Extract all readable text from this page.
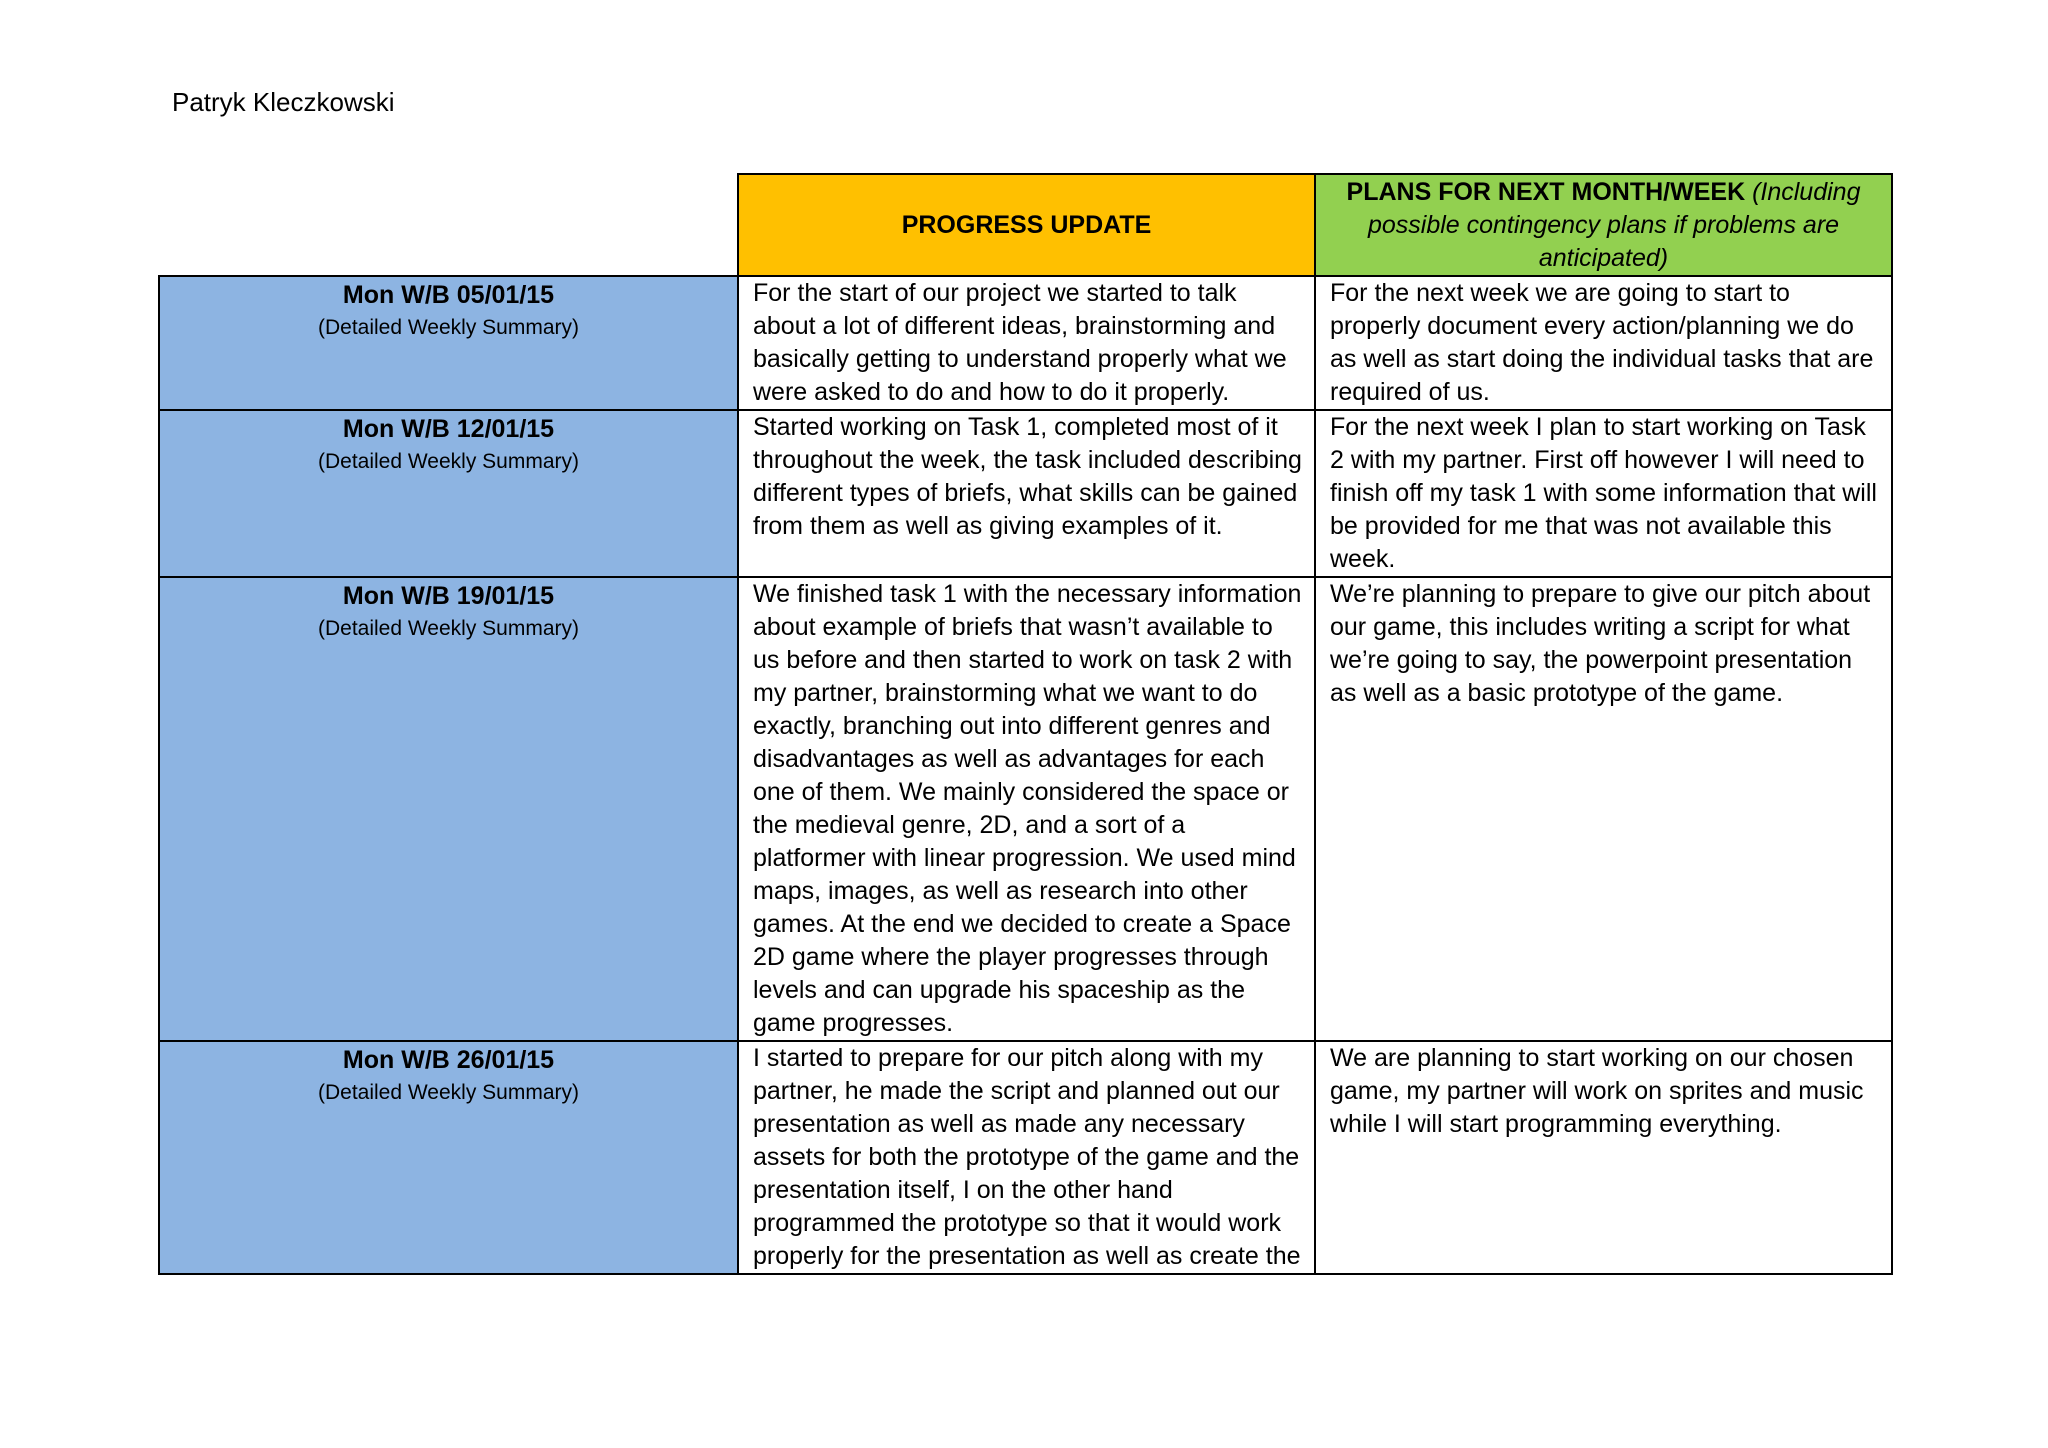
Patryk Kleczkowski
	PROGRESS UPDATE	PLANS FOR NEXT MONTH/WEEK (Including possible contingency plans if problems are anticipated)

Mon W/B 05/01/15
(Detailed Weekly Summary)	For the start of our project we started to talk about a lot of different ideas, brainstorming and basically getting to understand properly what we were asked to do and how to do it properly.	For the next week we are going to start to properly document every action/planning we do as well as start doing the individual tasks that are required of us.

Mon W/B 12/01/15
(Detailed Weekly Summary)	Started working on Task 1, completed most of it throughout the week, the task included describing different types of briefs, what skills can be gained from them as well as giving examples of it.	For the next week I plan to start working on Task 2 with my partner. First off however I will need to finish off my task 1 with some information that will be provided for me that was not available this week.

Mon W/B 19/01/15
(Detailed Weekly Summary)	We finished task 1 with the necessary information about example of briefs that wasn’t available to us before and then started to work on task 2 with my partner, brainstorming what we want to do exactly, branching out into different genres and disadvantages as well as advantages for each one of them. We mainly considered the space or the medieval genre, 2D, and a sort of a platformer with linear progression. We used mind maps, images, as well as research into other games. At the end we decided to create a Space 2D game where the player progresses through levels and can upgrade his spaceship as the game progresses.	We’re planning to prepare to give our pitch about our game, this includes writing a script for what we’re going to say, the powerpoint presentation as well as a basic prototype of the game.

Mon W/B 26/01/15
(Detailed Weekly Summary)	I started to prepare for our pitch along with my partner, he made the script and planned out our presentation as well as made any necessary assets for both the prototype of the game and the presentation itself, I on the other hand programmed the prototype so that it would work properly for the presentation as well as create the	We are planning to start working on our chosen game, my partner will work on sprites and music while I will start programming everything.
